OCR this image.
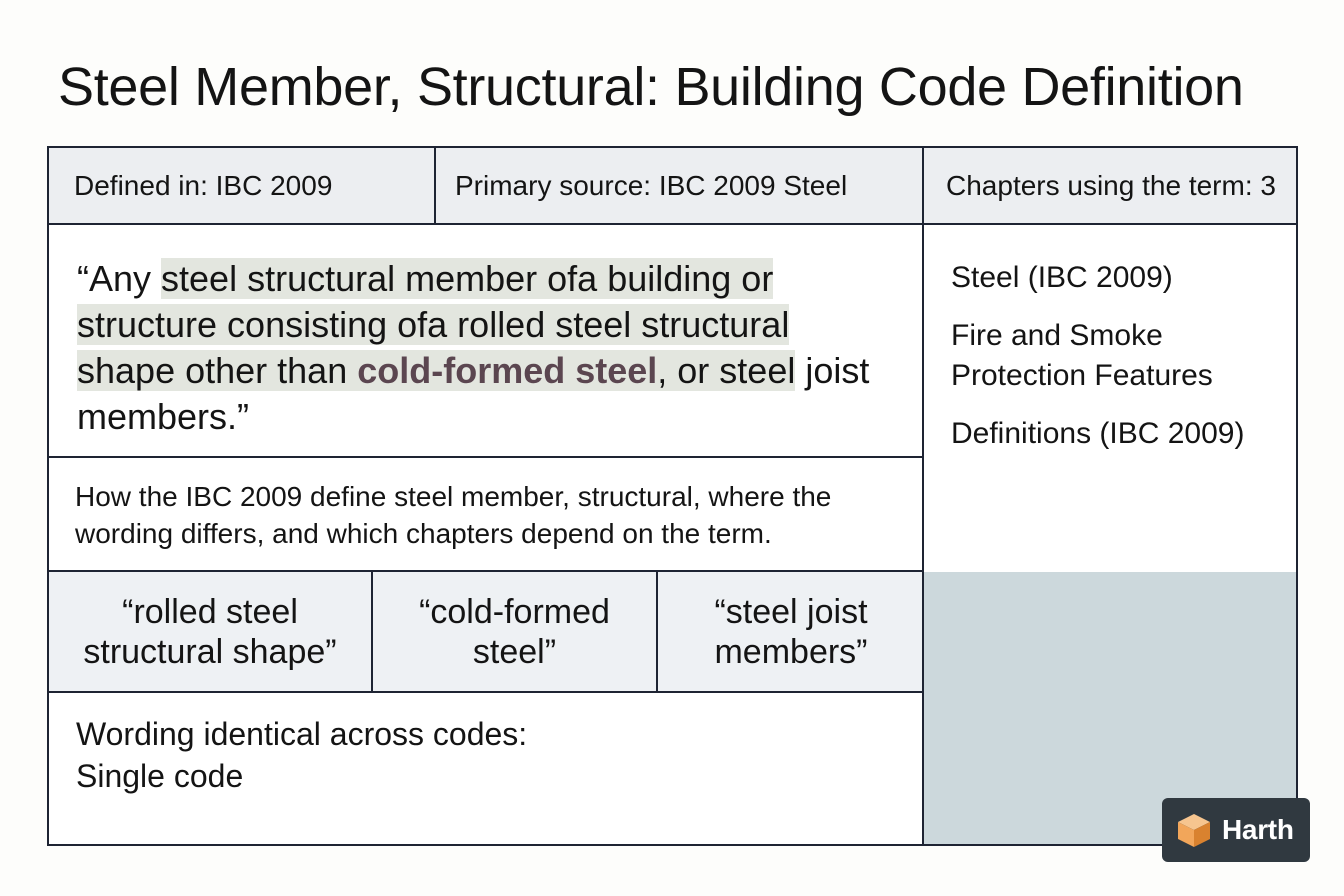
Steel Member, Structural: Building Code Definition
Defined in: IBC 2009	Primary source: IBC 2009 Steel	Chapters using the term: 3
“Any steel structural member ofa building or structure consisting ofa rolled steel structural shape other than cold-formed steel, or steel joist members.”
How the IBC 2009 define steel member, structural, where the wording differs, and which chapters depend on the term.
“rolled steel structural shape”
“cold-formed steel”
“steel joist members”
Wording identical across codes:
Single code
Steel (IBC 2009)
Fire and Smoke Protection Features
Definitions (IBC 2009)
Harth
